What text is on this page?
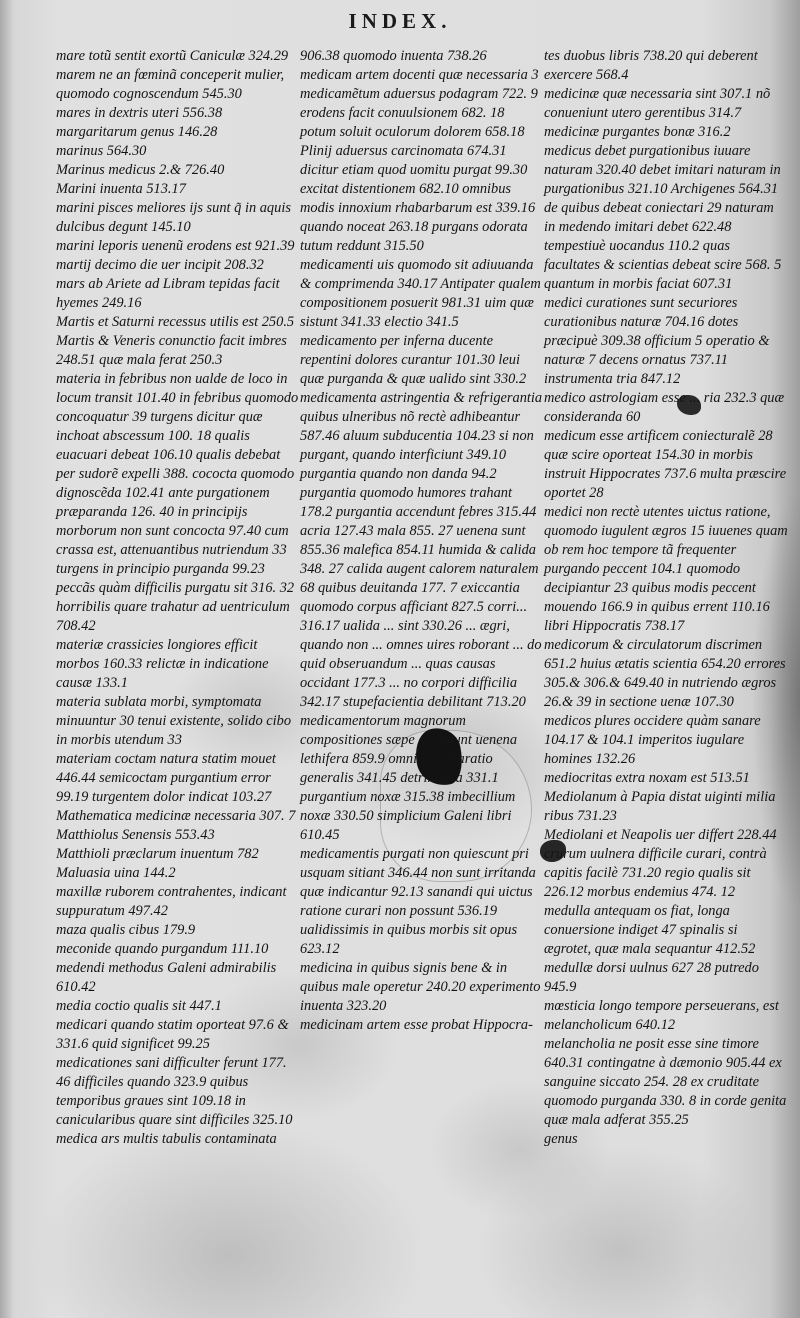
INDEX.

mare totũ sentit exortũ Caniculæ 324.29

marem ne an fœminã conceperit mulier, quomodo cognoscendum 545.30

mares in dextris uteri 556.38

margaritarum genus 146.28

marinus 564.30

Marinus medicus 2.& 726.40

Marini inuenta 513.17

marini pisces meliores ijs sunt q̃ in aquis dulcibus degunt 145.10

marini leporis uenenũ erodens est 921.39

martij decimo die uer incipit 208.32

mars ab Ariete ad Libram tepidas facit hyemes 249.16

Martis et Saturni recessus utilis est 250.5

Martis & Veneris conunctio facit imbres 248.51 quæ mala ferat 250.3

materia in febribus non ualde de loco in locum transit 101.40 in febribus quomodo concoquatur 39 turgens dicitur quæ inchoat abscessum 100. 18 qualis euacuari debeat 106.10 qualis debebat per sudorẽ expelli 388. cococta quomodo dignoscẽda 102.41 ante purgationem præparanda 126. 40 in principijs morborum non sunt concocta 97.40 cum crassa est, attenuantibus nutriendum 33 turgens in principio purganda 99.23 peccãs quàm difficilis purgatu sit 316. 32 horribilis quare trahatur ad uentriculum 708.42

materiæ crassicies longiores efficit morbos 160.33 relictæ in indicatione causæ 133.1

materia sublata morbi, symptomata minuuntur 30 tenui existente, solido cibo in morbis utendum 33

materiam coctam natura statim mouet 446.44 semicoctam purgantium error 99.19 turgentem dolor indicat 103.27

Mathematica medicinæ necessaria 307. 7

Matthiolus Senensis 553.43

Matthioli præclarum inuentum 782

Maluasia uina 144.2

maxillæ ruborem contrahentes, indicant suppuratum 497.42

maza qualis cibus 179.9

meconide quando purgandum 111.10

medendi methodus Galeni admirabilis 610.42

media coctio qualis sit 447.1

medicari quando statim oporteat 97.6 & 331.6 quid significet 99.25

medicationes sani difficulter ferunt 177. 46 difficiles quando 323.9 quibus temporibus graues sint 109.18 in canicularibus quare sint difficiles 325.10

medica ars multis tabulis contaminata

906.38 quomodo inuenta 738.26

medicam artem docenti quæ necessaria 3

medicamẽtum aduersus podagram 722. 9 erodens facit conuulsionem 682. 18 potum soluit oculorum dolorem 658.18 Plinij aduersus carcinomata 674.31 dicitur etiam quod uomitu purgat 99.30 excitat distentionem 682.10 omnibus modis innoxium rhabarbarum est 339.16 quando noceat 263.18 purgans odorata tutum reddunt 315.50

medicamenti uis quomodo sit adiuuanda & comprimenda 340.17 Antipater qualem compositionem posuerit 981.31 uim quæ sistunt 341.33 electio 341.5

medicamento per inferna ducente repentini dolores curantur 101.30 leui quæ purganda & quæ ualido sint 330.2

medicamenta astringentia & refrigerantia quibus ulneribus nõ rectè adhibeantur 587.46 aluum subducentia 104.23 si non purgant, quando interficiunt 349.10 purgantia quando non danda 94.2 purgantia quomodo humores trahant 178.2 purgantia accendunt febres 315.44 acria 127.43 mala 855. 27 uenena sunt 855.36 malefica 854.11 humida & calida 348. 27 calida augent calorem naturalem 68 quibus deuitanda 177. 7 exiccantia quomodo corpus afficiant 827.5 corri... 316.17 ualida ... sint 330.26 ... ægri, quando non ... omnes uires roborant ... do quid obseruandum ... quas causas occidant 177.3 ... no corpori difficilia 342.17 stupefacientia debilitant 713.20

medicamentorum magnorum compositiones sæpe accipiunt uenena lethifera 859.9 omniũ præparatio generalis 341.45 detrimenta 331.1 purgantium noxæ 315.38 imbecillium noxæ 330.50 simplicium Galeni libri 610.45

medicamentis purgati non quiescunt pri usquam sitiant 346.44 non sunt irritanda quæ indicantur 92.13 sanandi qui uictus ratione curari non possunt 536.19 ualidissimis in quibus morbis sit opus 623.12

medicina in quibus signis bene & in quibus male operetur 240.20 experimento inuenta 323.20

medicinam artem esse probat Hippocra-

tes duobus libris 738.20 qui deberent exercere 568.4

medicinæ quæ necessaria sint 307.1 nõ conueniunt utero gerentibus 314.7

medicinæ purgantes bonæ 316.2

medicus debet purgationibus iuuare naturam 320.40 debet imitari naturam in purgationibus 321.10 Archigenes 564.31 de quibus debeat coniectari 29 naturam in medendo imitari debet 622.48 tempestiuè uocandus 110.2 quas facultates & scientias debeat scire 568. 5 quantum in morbis faciat 607.31

medici curationes sunt securiores curationibus naturæ 704.16 dotes præcipuè 309.38 officium 5 operatio & naturæ 7 decens ornatus 737.11 instrumenta tria 847.12

medico astrologiam esse ... ria 232.3 quæ consideranda 60

medicum esse artificem coniecturalẽ 28 quæ scire oporteat 154.30 in morbis instruit Hippocrates 737.6 multa præscire oportet 28

medici non rectè utentes uictus ratione, quomodo iugulent ægros 15 iuuenes quam ob rem hoc tempore tã frequenter purgando peccent 104.1 quomodo decipiantur 23 quibus modis peccent mouendo 166.9 in quibus errent 110.16 libri Hippocratis 738.17

medicorum & circulatorum discrimen 651.2 huius ætatis scientia 654.20 errores 305.& 306.& 649.40 in nutriendo ægros 26.& 39 in sectione uenæ 107.30

medicos plures occidere quàm sanare 104.17 & 104.1 imperitos iugulare homines 132.26

mediocritas extra noxam est 513.51

Mediolanum à Papia distat uiginti milia ribus 731.23

Mediolani et Neapolis uer differt 228.44 crurum uulnera difficile curari, contrà capitis facilè 731.20 regio qualis sit 226.12 morbus endemius 474. 12

medulla antequam os fiat, longa conuersione indiget 47 spinalis si ægrotet, quæ mala sequantur 412.52

medullæ dorsi uulnus 627 28 putredo 945.9

mœsticia longo tempore perseuerans, est melancholicum 640.12

melancholia ne posit esse sine timore 640.31 contingatne à dæmonio 905.44 ex sanguine siccato 254. 28 ex cruditate quomodo purganda 330. 8 in corde genita quæ mala adferat 355.25

genus
